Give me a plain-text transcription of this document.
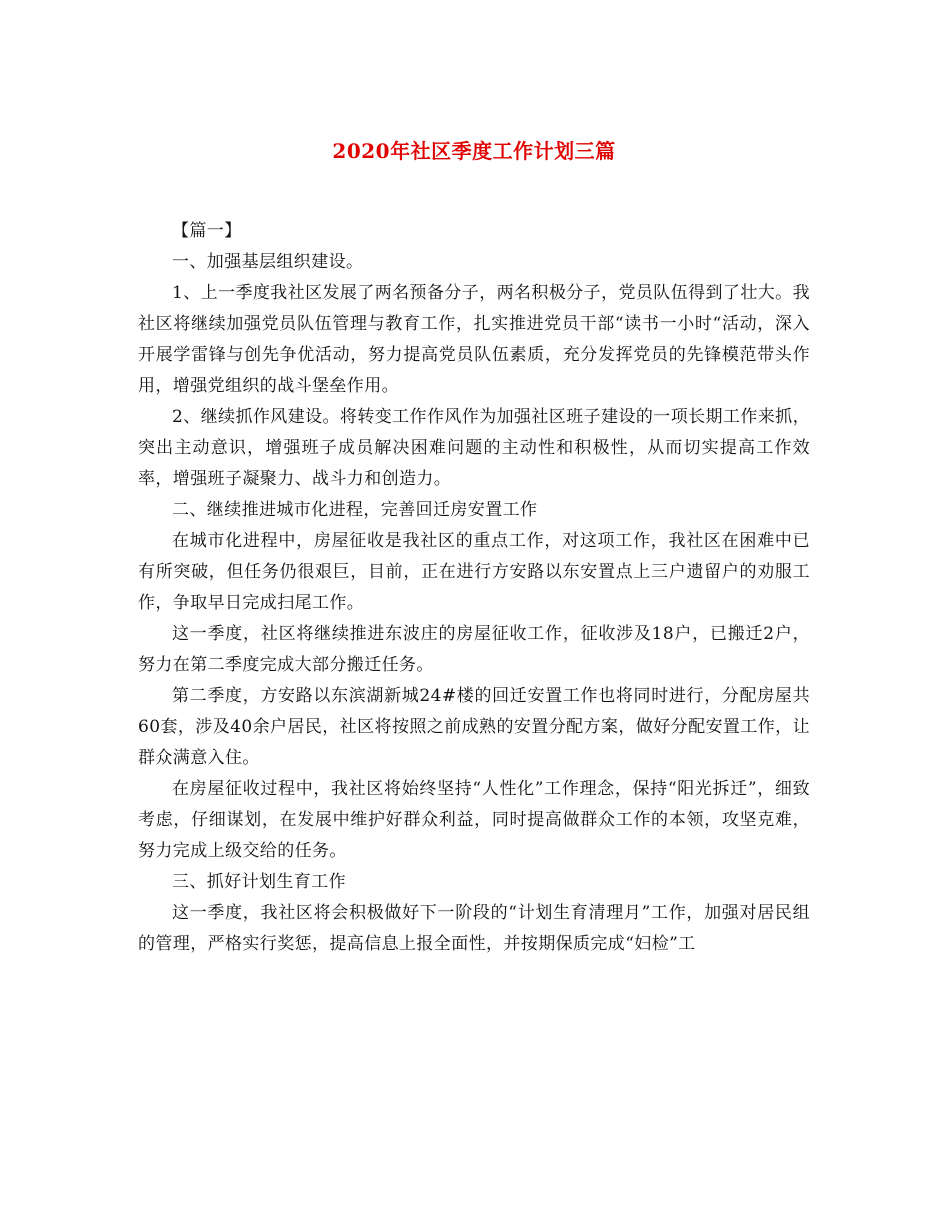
2020年社区季度工作计划三篇

【篇一】

一、加强基层组织建设。

1、上一季度我社区发展了两名预备分子，两名积极分子，党员队伍得到了壮大。我社区将继续加强党员队伍管理与教育工作，扎实推进党员干部“读书一小时“活动，深入开展学雷锋与创先争优活动，努力提高党员队伍素质，充分发挥党员的先锋模范带头作用，增强党组织的战斗堡垒作用。

2、继续抓作风建设。将转变工作作风作为加强社区班子建设的一项长期工作来抓，突出主动意识，增强班子成员解决困难问题的主动性和积极性，从而切实提高工作效率，增强班子凝聚力、战斗力和创造力。

二、继续推进城市化进程，完善回迁房安置工作

在城市化进程中，房屋征收是我社区的重点工作，对这项工作，我社区在困难中已有所突破，但任务仍很艰巨，目前，正在进行方安路以东安置点上三户遗留户的劝服工作，争取早日完成扫尾工作。

这一季度，社区将继续推进东波庄的房屋征收工作，征收涉及18户，已搬迁2户，努力在第二季度完成大部分搬迁任务。

第二季度，方安路以东滨湖新城24#楼的回迁安置工作也将同时进行，分配房屋共60套，涉及40余户居民，社区将按照之前成熟的安置分配方案，做好分配安置工作，让群众满意入住。

在房屋征收过程中，我社区将始终坚持“人性化”工作理念，保持“阳光拆迁”，细致考虑，仔细谋划，在发展中维护好群众利益，同时提高做群众工作的本领，攻坚克难，努力完成上级交给的任务。

三、抓好计划生育工作

这一季度，我社区将会积极做好下一阶段的“计划生育清理月”工作，加强对居民组的管理，严格实行奖惩，提高信息上报全面性，并按期保质完成“妇检”工
